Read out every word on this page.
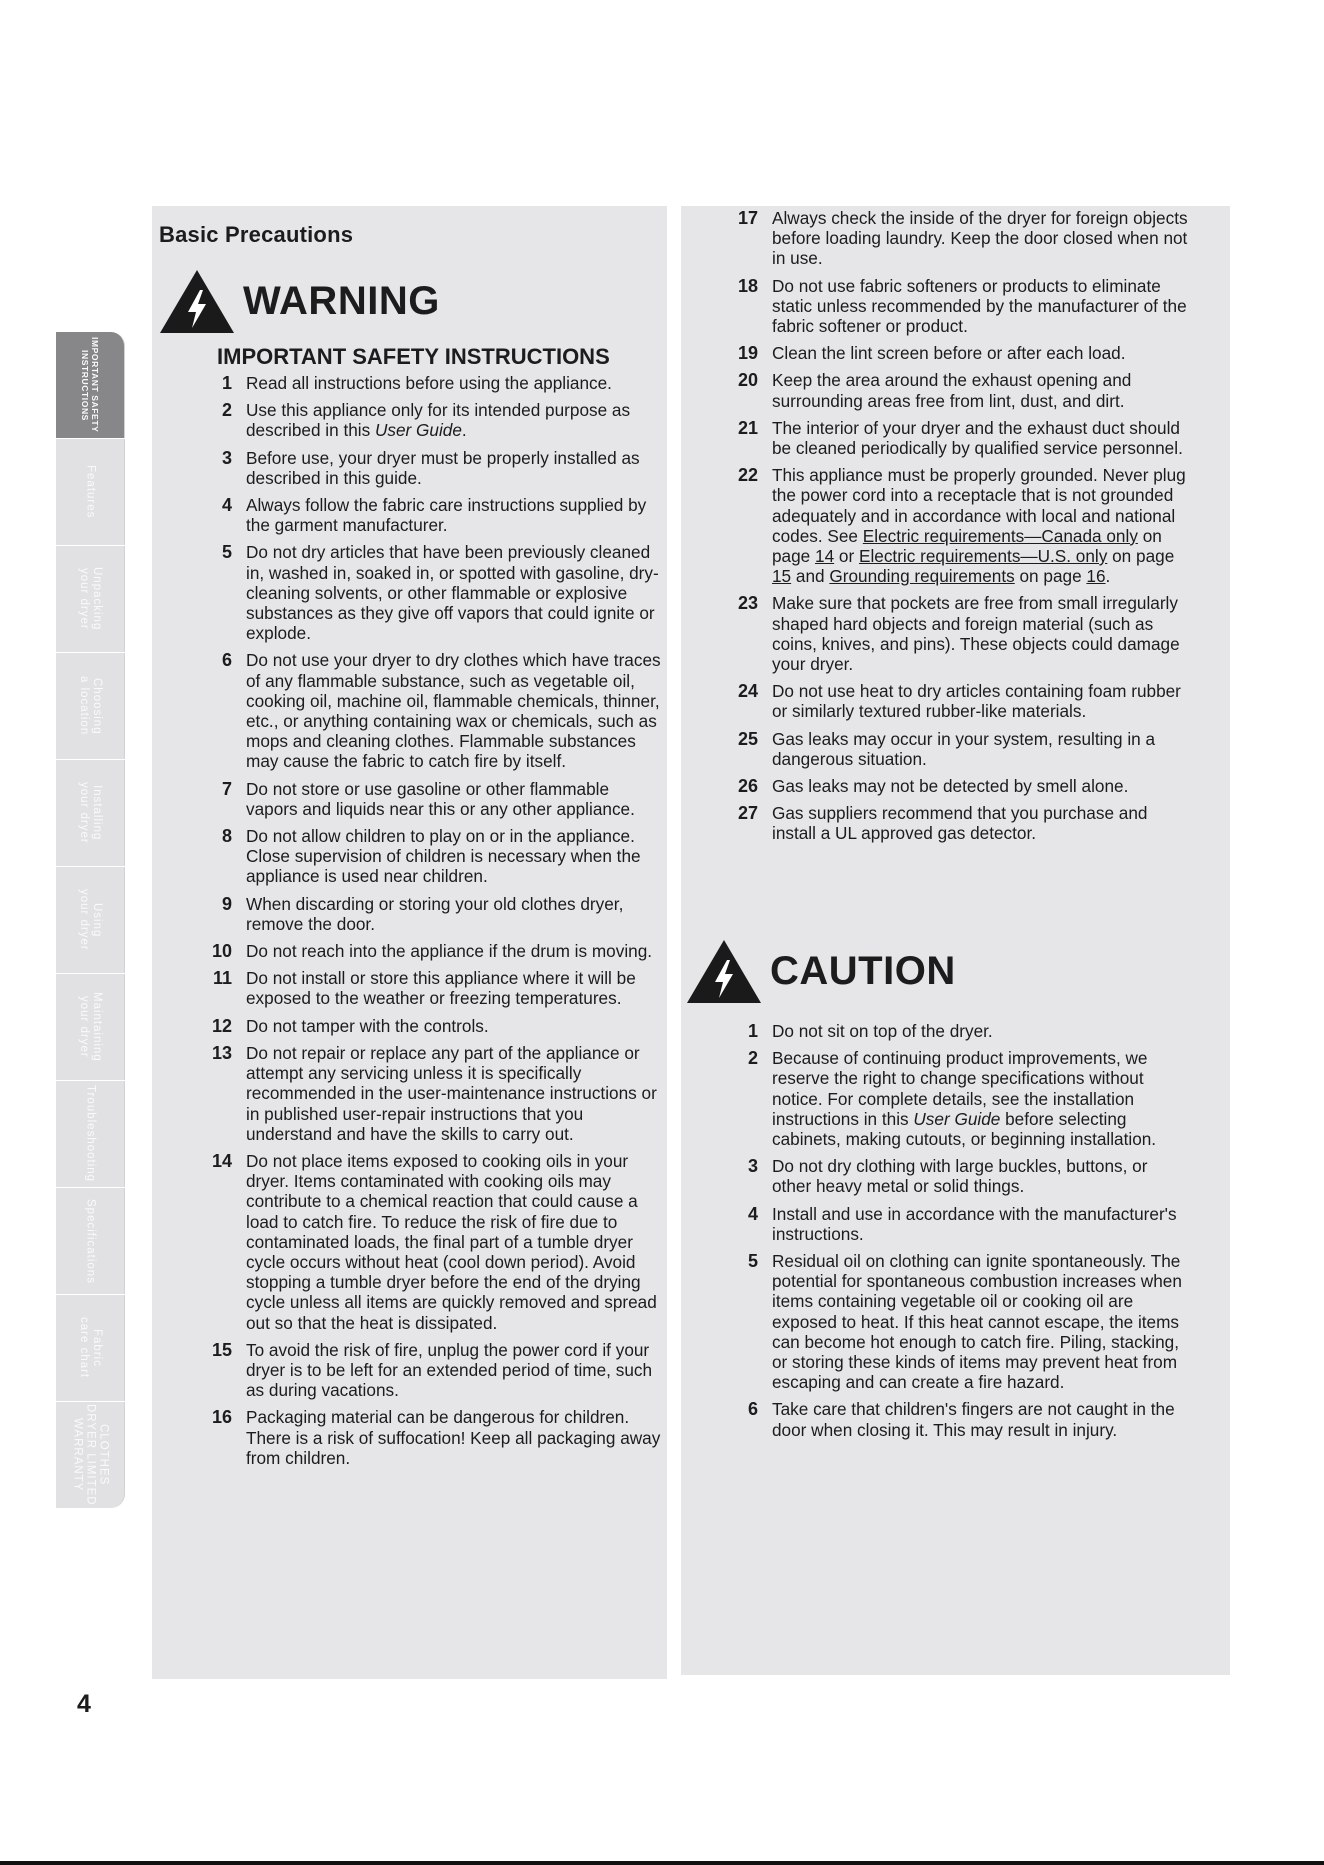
IMPORTANT SAFETY
INSTRUCTIONS
Features
Unpacking
your dryer
Choosing
a location
Installing
your dryer
Using
your dryer
Maintaining
your dryer
Troubleshooting
Specifications
Fabric
care chart
CLOTHES
DRYER LIMITED
WARRANTY
Basic Precautions
WARNING
IMPORTANT SAFETY INSTRUCTIONS
1 Read all instructions before using the appliance.
2 Use this appliance only for its intended purpose as described in this User Guide.
3 Before use, your dryer must be properly installed as described in this guide.
4 Always follow the fabric care instructions supplied by the garment manufacturer.
5 Do not dry articles that have been previously cleaned in, washed in, soaked in, or spotted with gasoline, dry-cleaning solvents, or other flammable or explosive substances as they give off vapors that could ignite or explode.
6 Do not use your dryer to dry clothes which have traces of any flammable substance, such as vegetable oil, cooking oil, machine oil, flammable chemicals, thinner, etc., or anything containing wax or chemicals, such as mops and cleaning clothes. Flammable substances may cause the fabric to catch fire by itself.
7 Do not store or use gasoline or other flammable vapors and liquids near this or any other appliance.
8 Do not allow children to play on or in the appliance. Close supervision of children is necessary when the appliance is used near children.
9 When discarding or storing your old clothes dryer, remove the door.
10 Do not reach into the appliance if the drum is moving.
11 Do not install or store this appliance where it will be exposed to the weather or freezing temperatures.
12 Do not tamper with the controls.
13 Do not repair or replace any part of the appliance or attempt any servicing unless it is specifically recommended in the user-maintenance instructions or in published user-repair instructions that you understand and have the skills to carry out.
14 Do not place items exposed to cooking oils in your dryer. Items contaminated with cooking oils may contribute to a chemical reaction that could cause a load to catch fire. To reduce the risk of fire due to contaminated loads, the final part of a tumble dryer cycle occurs without heat (cool down period). Avoid stopping a tumble dryer before the end of the drying cycle unless all items are quickly removed and spread out so that the heat is dissipated.
15 To avoid the risk of fire, unplug the power cord if your dryer is to be left for an extended period of time, such as during vacations.
16 Packaging material can be dangerous for children. There is a risk of suffocation! Keep all packaging away from children.
17 Always check the inside of the dryer for foreign objects before loading laundry. Keep the door closed when not in use.
18 Do not use fabric softeners or products to eliminate static unless recommended by the manufacturer of the fabric softener or product.
19 Clean the lint screen before or after each load.
20 Keep the area around the exhaust opening and surrounding areas free from lint, dust, and dirt.
21 The interior of your dryer and the exhaust duct should be cleaned periodically by qualified service personnel.
22 This appliance must be properly grounded. Never plug the power cord into a receptacle that is not grounded adequately and in accordance with local and national codes. See Electric requirements—Canada only on page 14 or Electric requirements—U.S. only on page 15 and Grounding requirements on page 16.
23 Make sure that pockets are free from small irregularly shaped hard objects and foreign material (such as coins, knives, and pins). These objects could damage your dryer.
24 Do not use heat to dry articles containing foam rubber or similarly textured rubber-like materials.
25 Gas leaks may occur in your system, resulting in a dangerous situation.
26 Gas leaks may not be detected by smell alone.
27 Gas suppliers recommend that you purchase and install a UL approved gas detector.
CAUTION
1 Do not sit on top of the dryer.
2 Because of continuing product improvements, we reserve the right to change specifications without notice. For complete details, see the installation instructions in this User Guide before selecting cabinets, making cutouts, or beginning installation.
3 Do not dry clothing with large buckles, buttons, or other heavy metal or solid things.
4 Install and use in accordance with the manufacturer's instructions.
5 Residual oil on clothing can ignite spontaneously. The potential for spontaneous combustion increases when items containing vegetable oil or cooking oil are exposed to heat. If this heat cannot escape, the items can become hot enough to catch fire. Piling, stacking, or storing these kinds of items may prevent heat from escaping and can create a fire hazard.
6 Take care that children's fingers are not caught in the door when closing it. This may result in injury.
4
